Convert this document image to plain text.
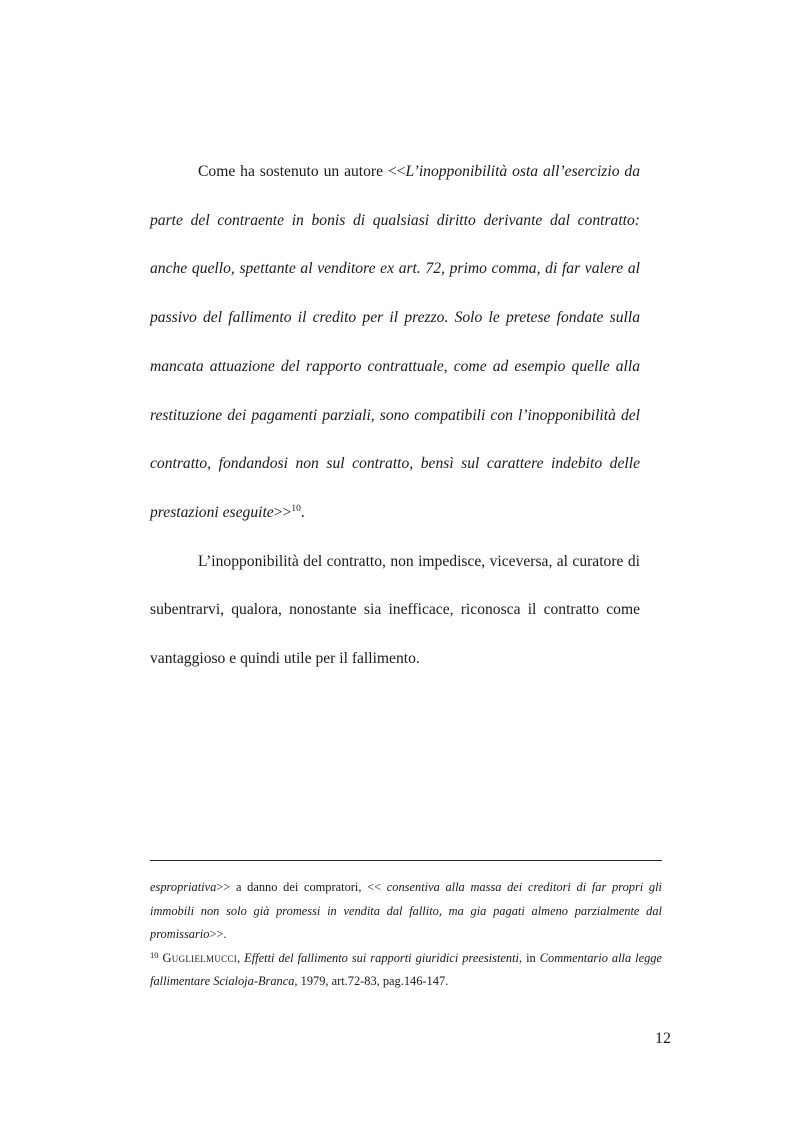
Come ha sostenuto un autore <<L’inopponibilità osta all’esercizio da parte del contraente in bonis di qualsiasi diritto derivante dal contratto: anche quello, spettante al venditore ex art. 72, primo comma, di far valere al passivo del fallimento il credito per il prezzo. Solo le pretese fondate sulla mancata attuazione del rapporto contrattuale, come ad esempio quelle alla restituzione dei pagamenti parziali, sono compatibili con l’inopponibilità del contratto, fondandosi non sul contratto, bensì sul carattere indebito delle prestazioni eseguite>>$^{10}$.

L’inopponibilità del contratto, non impedisce, viceversa, al curatore di subentrarvi, qualora, nonostante sia inefficace, riconosca il contratto come vantaggioso e quindi utile per il fallimento.

espropriativa>> a danno dei compratori, << consentiva alla massa dei creditori di far propri gli immobili non solo già promessi in vendita dal fallito, ma gia pagati almeno parzialmente dal promissario>>.

$^{10}$ Guglielmucci, Effetti del fallimento sui rapporti giuridici preesistenti, in Commentario alla legge fallimentare Scialoja-Branca, 1979, art.72-83, pag.146-147.

12
